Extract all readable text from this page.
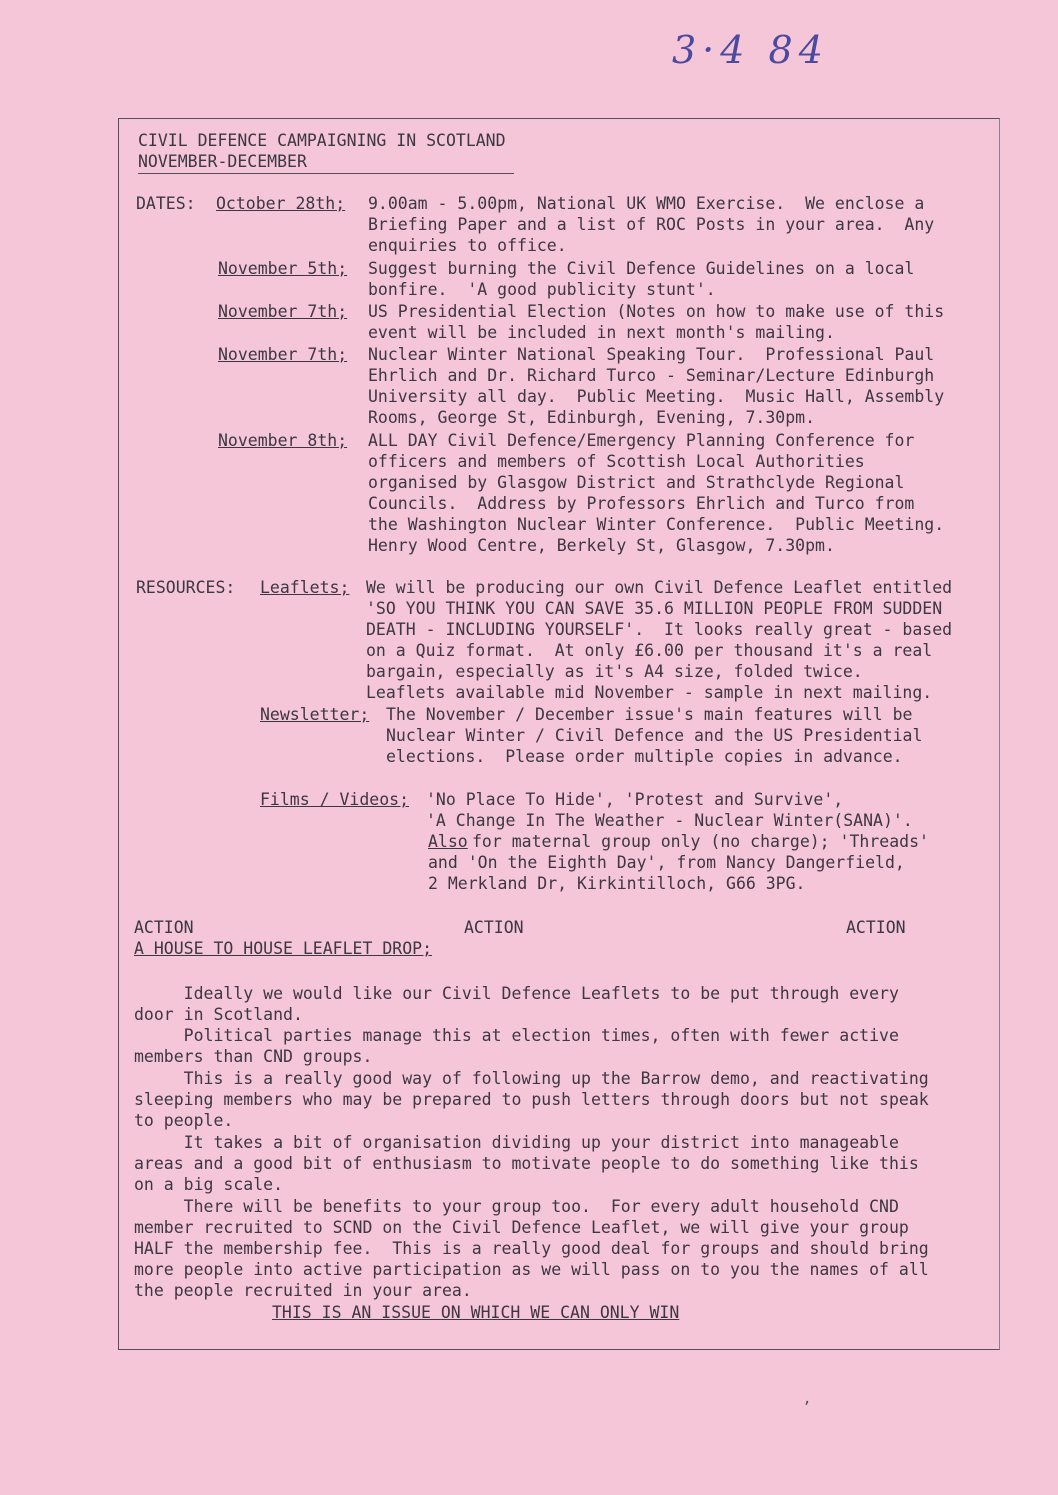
3·4 84
CIVIL DEFENCE CAMPAIGNING IN SCOTLAND
NOVEMBER-DECEMBER
DATES: October 28th; 9.00am - 5.00pm, National UK WMO Exercise.  We enclose a
Briefing Paper and a list of ROC Posts in your area.  Any
enquiries to office.
November 5th; Suggest burning the Civil Defence Guidelines on a local
bonfire.  'A good publicity stunt'.
November 7th; US Presidential Election (Notes on how to make use of this
event will be included in next month's mailing.
November 7th; Nuclear Winter National Speaking Tour.  Professional Paul
Ehrlich and Dr. Richard Turco - Seminar/Lecture Edinburgh
University all day.  Public Meeting.  Music Hall, Assembly
Rooms, George St, Edinburgh, Evening, 7.30pm.
November 8th; ALL DAY Civil Defence/Emergency Planning Conference for
officers and members of Scottish Local Authorities
organised by Glasgow District and Strathclyde Regional
Councils.  Address by Professors Ehrlich and Turco from
the Washington Nuclear Winter Conference.  Public Meeting.
Henry Wood Centre, Berkely St, Glasgow, 7.30pm.
RESOURCES: Leaflets; We will be producing our own Civil Defence Leaflet entitled
'SO YOU THINK YOU CAN SAVE 35.6 MILLION PEOPLE FROM SUDDEN
DEATH - INCLUDING YOURSELF'.  It looks really great - based
on a Quiz format.  At only £6.00 per thousand it's a real
bargain, especially as it's A4 size, folded twice.
Leaflets available mid November - sample in next mailing.
Newsletter; The November / December issue's main features will be
Nuclear Winter / Civil Defence and the US Presidential
elections.  Please order multiple copies in advance.
Films / Videos; 'No Place To Hide', 'Protest and Survive',
'A Change In The Weather - Nuclear Winter(SANA)'.
Also for maternal group only (no charge); 'Threads'
and 'On the Eighth Day', from Nancy Dangerfield,
2 Merkland Dr, Kirkintilloch, G66 3PG.
ACTION	ACTION	ACTION
A HOUSE TO HOUSE LEAFLET DROP;
Ideally we would like our Civil Defence Leaflets to be put through every
door in Scotland.
Political parties manage this at election times, often with fewer active
members than CND groups.
This is a really good way of following up the Barrow demo, and reactivating
sleeping members who may be prepared to push letters through doors but not speak
to people.
It takes a bit of organisation dividing up your district into manageable
areas and a good bit of enthusiasm to motivate people to do something like this
on a big scale.
There will be benefits to your group too.  For every adult household CND
member recruited to SCND on the Civil Defence Leaflet, we will give your group
HALF the membership fee.  This is a really good deal for groups and should bring
more people into active participation as we will pass on to you the names of all
the people recruited in your area.
THIS IS AN ISSUE ON WHICH WE CAN ONLY WIN
ʼ
